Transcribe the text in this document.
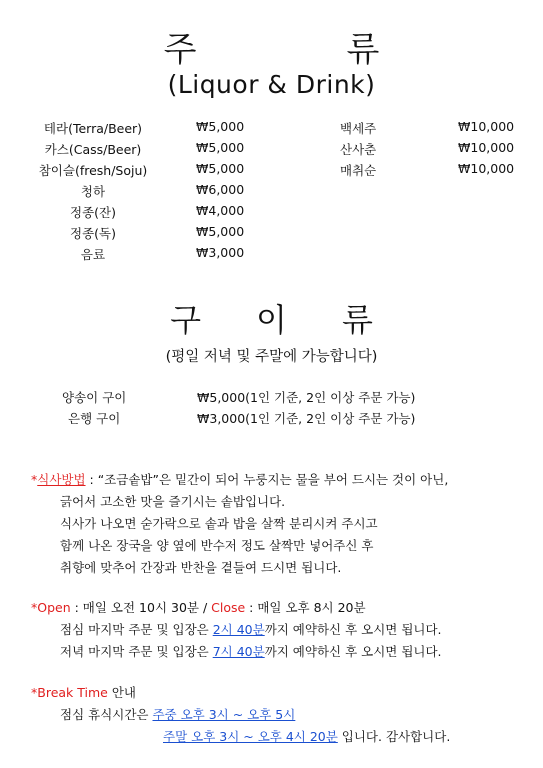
주	류
(Liquor & Drink)
테라(Terra/Beer)	₩5,000
카스(Cass/Beer)	₩5,000
참이슬(fresh/Soju)	₩5,000
청하	₩6,000
정종(잔)	₩4,000
정종(독)	₩5,000
음료	₩3,000
백세주	₩10,000
산사춘	₩10,000
매취순	₩10,000
구 이 류
(평일 저녁 및 주말에 가능합니다)
양송이 구이	₩5,000(1인 기준, 2인 이상 주문 가능)
은행 구이	₩3,000(1인 기준, 2인 이상 주문 가능)
*식사방법 : “조금솥밥”은 밑간이 되어 누룽지는 물을 부어 드시는 것이 아닌,
긁어서 고소한 맛을 즐기시는 솥밥입니다.
식사가 나오면 숟가락으로 솥과 밥을 살짝 분리시켜 주시고
함께 나온 장국을 양 옆에 반수저 정도 살짝만 넣어주신 후
취향에 맞추어 간장과 반찬을 곁들여 드시면 됩니다.
*Open : 매일 오전 10시 30분 / Close : 매일 오후 8시 20분
점심 마지막 주문 및 입장은 2시 40분까지 예약하신 후 오시면 됩니다.
저녁 마지막 주문 및 입장은 7시 40분까지 예약하신 후 오시면 됩니다.
*Break Time 안내
점심 휴식시간은 주중 오후 3시 ~ 오후 5시
주말 오후 3시 ~ 오후 4시 20분 입니다. 감사합니다.
